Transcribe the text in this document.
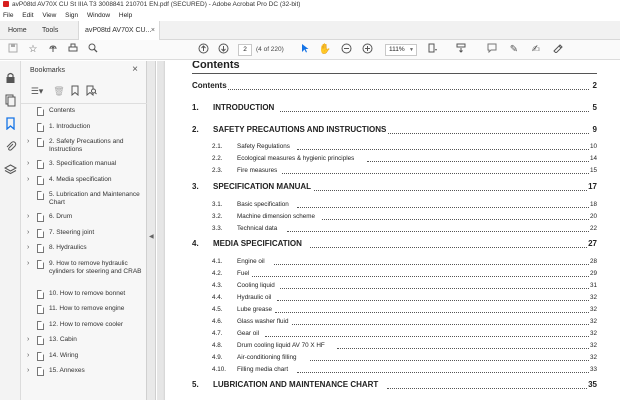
avP08td AV70X CU St IIIA T3 3008841 210701 EN.pdf (SECURED) - Adobe Acrobat Pro DC (32-bit)
File Edit View Sign Window Help
Home Tools	avP08td AV70X CU... ×
☆	2	(4 of 220)	✋	111% ▼	✎ ✍
Bookmarks	×
☰▾ 🗑
Contents
1. Introduction
›	2. Safety Precautions and Instructions
›	3. Specification manual
›	4. Media specification
5. Lubrication and Maintenance Chart
›	6. Drum
›	7. Steering joint
›	8. Hydraulics
›	9. How to remove hydraulic cylinders for steering and CRAB
10. How to remove bonnet
11. How to remove engine
12. How to remove cooler
›	13. Cabin
›	14. Wiring
›	15. Annexes
◀
Contents
Contents	2
1. INTRODUCTION	5
2. SAFETY PRECAUTIONS AND INSTRUCTIONS	9
2.1. Safety Regulations	10
2.2. Ecological measures & hygienic principles	14
2.3. Fire measures	15
3. SPECIFICATION MANUAL	17
3.1. Basic specification	18
3.2. Machine dimension scheme	20
3.3. Technical data	22
4. MEDIA SPECIFICATION	27
4.1. Engine oil	28
4.2. Fuel	29
4.3. Cooling liquid	31
4.4. Hydraulic oil	32
4.5. Lube grease	32
4.6. Glass washer fluid	32
4.7. Gear oil	32
4.8. Drum cooling liquid AV 70 X HF	32
4.9. Air-conditioning filling	32
4.10. Filling media chart	33
5. LUBRICATION AND MAINTENANCE CHART	35
